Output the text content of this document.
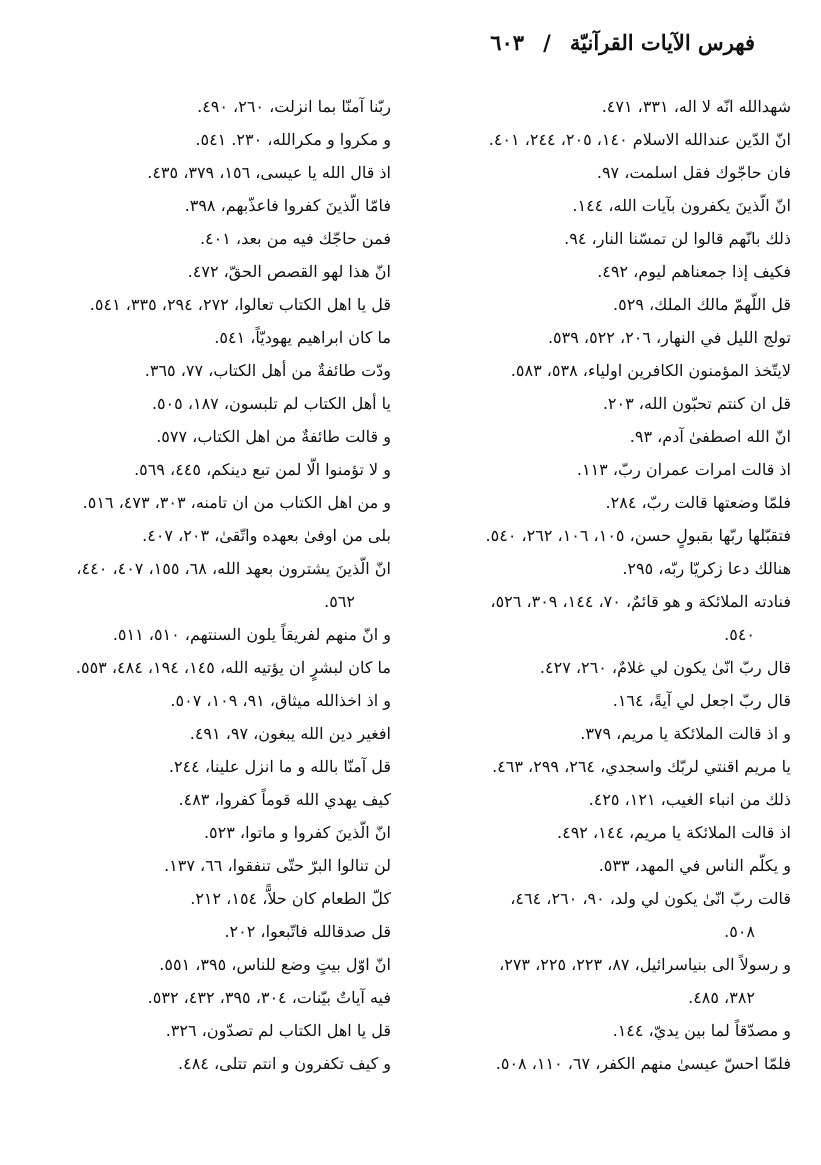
فهرس الآيات القرآنيّة / ٦٠٣
شهدالله انّه لا اله، ٣٣١، ٤٧١.
انّ الدّين عندالله الاسلام ١٤٠، ٢٠٥، ٢٤٤، ٤٠١.
فان حاجّوك فقل اسلمت، ٩٧.
انّ الّذينَ يكفرون بآيات الله، ١٤٤.
ذلك بانّهم قالوا لن تمسّنا النار، ٩٤.
فكيف إذا جمعناهم ليوم، ٤٩٢.
قل اللّهمّ مالك الملك، ٥٢٩.
تولج الليل في النهار، ٢٠٦، ٥٢٢، ٥٣٩.
لايتّخذ المؤمنون الكافرين اولياء، ٥٣٨، ٥٨٣.
قل ان كنتم تحبّون الله، ٢٠٣.
انّ الله اصطفىٰ آدم، ٩٣.
اذ قالت امرات عمران ربّ، ١١٣.
فلمّا وضعتها قالت ربّ، ٢٨٤.
فتقبّلها ربّها بقبولٍ حسن، ١٠٥، ١٠٦، ٢٦٢، ٥٤٠.
هنالك دعا زكريّا ربّه، ٢٩٥.
فنادته الملائكة و هو قائمٌ، ٧٠، ١٤٤، ٣٠٩، ٥٢٦،
٥٤٠.
قال ربّ انّىٰ يكون لي غلامٌ، ٢٦٠، ٤٢٧.
قال ربّ اجعل لي آيةً، ١٦٤.
و اذ قالت الملائكة يا مريم، ٣٧٩.
يا مريم اقنتي لربّك واسجدي، ٢٦٤، ٢٩٩، ٤٦٣.
ذلك من انباء الغيب، ١٢١، ٤٢٥.
اذ قالت الملائكة يا مريم، ١٤٤، ٤٩٢.
و يكلّم الناس في المهد، ٥٣٣.
قالت ربّ انّىٰ يكون لي ولد، ٩٠، ٢٦٠، ٤٦٤،
٥٠٨.
و رسولاً الى بنياسرائيل، ٨٧، ٢٢٣، ٢٢٥، ٢٧٣،
٣٨٢، ٤٨٥.
و مصدّقاً لما بين يديّ، ١٤٤.
فلمّا احسّ عيسىٰ منهم الكفر، ٦٧، ١١٠، ٥٠٨.
ربّنا آمنّا بما انزلت، ٢٦٠، ٤٩٠.
و مكروا و مكرالله، ٢٣٠. ٥٤١.
اذ قال الله يا عيسى، ١٥٦، ٣٧٩، ٤٣٥.
فامّا الّذينَ كفروا فاعذّبهم، ٣٩٨.
فمن حاجّك فيه من بعد، ٤٠١.
انّ هذا لهو القصص الحقّ، ٤٧٢.
قل يا اهل الكتاب تعالوا، ٢٧٢، ٢٩٤، ٣٣٥، ٥٤١.
ما كان ابراهيم يهوديّاً، ٥٤١.
ودّت طائفةٌ من أهل الكتاب، ٧٧، ٣٦٥.
يا أهل الكتاب لم تلبسون، ١٨٧، ٥٠٥.
و قالت طائفةٌ من اهل الكتاب، ٥٧٧.
و لا تؤمنوا الّا لمن تبع دينكم، ٤٤٥، ٥٦٩.
و من اهل الكتاب من ان تامنه، ٣٠٣، ٤٧٣، ٥١٦.
بلى من اوفىٰ بعهده واتّقىٰ، ٢٠٣، ٤٠٧.
انّ الّذينَ يشترون بعهد الله، ٦٨، ١٥٥، ٤٠٧، ٤٤٠،
٥٦٢.
و انّ منهم لفريقاً يلون السنتهم، ٥١٠، ٥١١.
ما كان لبشرٍ ان يؤتيه الله، ١٤٥، ١٩٤، ٤٨٤، ٥٥٣.
و اذ اخذالله ميثاق، ٩١، ١٠٩، ٥٠٧.
افغير دين الله يبغون، ٩٧، ٤٩١.
قل آمنّا بالله و ما انزل علينا، ٢٤٤.
كيف يهدي الله قوماً كفروا، ٤٨٣.
انّ الّذينَ كفروا و ماتوا، ٥٢٣.
لن تنالوا البرّ حتّى تنفقوا، ٦٦، ١٣٧.
كلّ الطعام كان حلاًّ، ١٥٤، ٢١٢.
قل صدقالله فاتّبعوا، ٢٠٢.
انّ اوّل بيتٍ وضع للناس، ٣٩٥، ٥٥١.
فيه آياتٌ بيّنات، ٣٠٤، ٣٩٥، ٤٣٢، ٥٣٢.
قل يا اهل الكتاب لم تصدّون، ٣٢٦.
و كيف تكفرون و انتم تتلى، ٤٨٤.
